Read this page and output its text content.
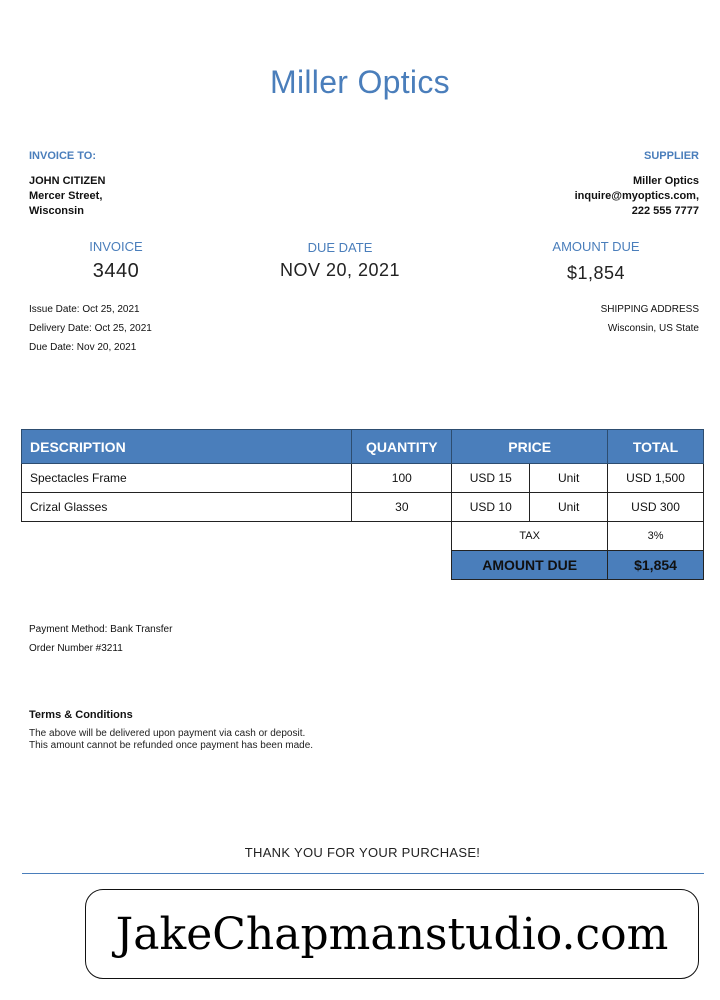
Miller Optics
INVOICE TO:
JOHN CITIZEN
Mercer Street,
Wisconsin
SUPPLIER
Miller Optics
inquire@myoptics.com,
222 555 7777
INVOICE
3440
DUE DATE
NOV 20, 2021
AMOUNT DUE
$1,854
Issue Date: Oct 25, 2021
Delivery Date: Oct 25, 2021
Due Date: Nov 20, 2021
SHIPPING ADDRESS
Wisconsin, US State
DESCRIPTION	QUANTITY	PRICE		TOTAL
Spectacles Frame	100	USD 15	Unit	USD 1,500
Crizal Glasses	30	USD 10	Unit	USD 300
		TAX		3%
		AMOUNT DUE		$1,854
Payment Method: Bank Transfer
Order Number #3211
Terms & Conditions
The above will be delivered upon payment via cash or deposit.
This amount cannot be refunded once payment has been made.
THANK YOU FOR YOUR PURCHASE!
JakeChapmanstudio.com
